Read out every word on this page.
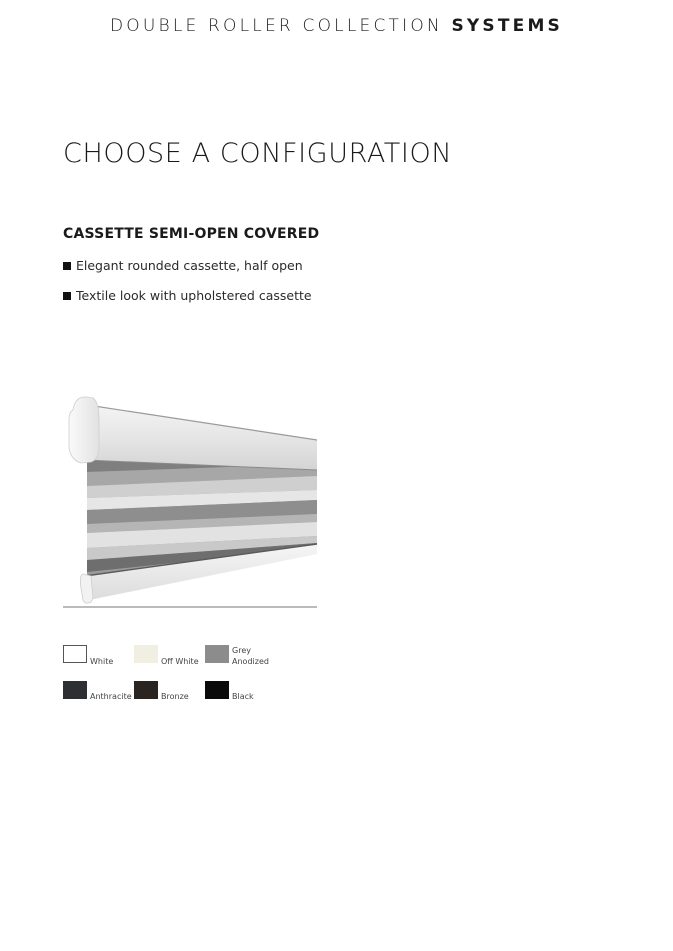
DOUBLE ROLLER COLLECTION SYSTEMS
CHOOSE A CONFIGURATION
CASSETTE SEMI-OPEN COVERED
Elegant rounded cassette, half open
Textile look with upholstered cassette
White	Off White
Grey
Anodized
Anthracite	Bronze	Black
